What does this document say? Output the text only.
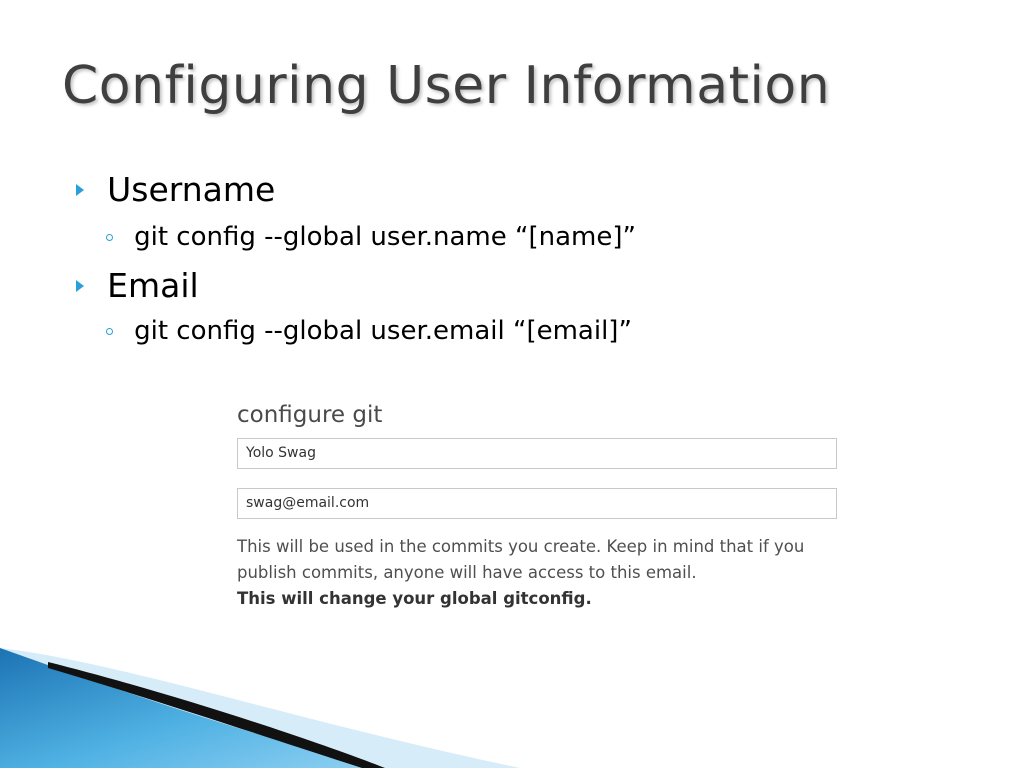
Configuring User Information
Username
git config --global user.name “[name]”
Email
git config --global user.email “[email]”
configure git
Yolo Swag
swag@email.com
This will be used in the commits you create. Keep in mind that if you publish commits, anyone will have access to this email.
This will change your global gitconfig.
